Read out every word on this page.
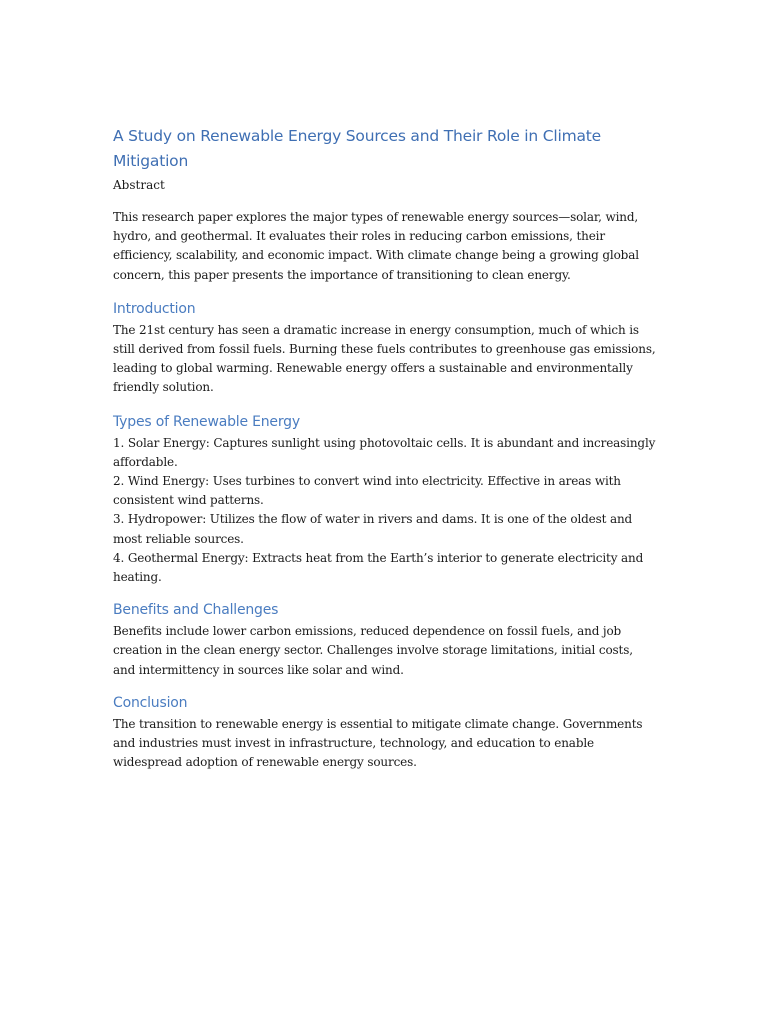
A Study on Renewable Energy Sources and Their Role in Climate Mitigation

Abstract

This research paper explores the major types of renewable energy sources—solar, wind, hydro, and geothermal. It evaluates their roles in reducing carbon emissions, their efficiency, scalability, and economic impact. With climate change being a growing global concern, this paper presents the importance of transitioning to clean energy.

Introduction

The 21st century has seen a dramatic increase in energy consumption, much of which is still derived from fossil fuels. Burning these fuels contributes to greenhouse gas emissions, leading to global warming. Renewable energy offers a sustainable and environmentally friendly solution.

Types of Renewable Energy

1. Solar Energy: Captures sunlight using photovoltaic cells. It is abundant and increasingly affordable.

2. Wind Energy: Uses turbines to convert wind into electricity. Effective in areas with consistent wind patterns.

3. Hydropower: Utilizes the flow of water in rivers and dams. It is one of the oldest and most reliable sources.

4. Geothermal Energy: Extracts heat from the Earth’s interior to generate electricity and heating.

Benefits and Challenges

Benefits include lower carbon emissions, reduced dependence on fossil fuels, and job creation in the clean energy sector. Challenges involve storage limitations, initial costs, and intermittency in sources like solar and wind.

Conclusion

The transition to renewable energy is essential to mitigate climate change. Governments and industries must invest in infrastructure, technology, and education to enable widespread adoption of renewable energy sources.
